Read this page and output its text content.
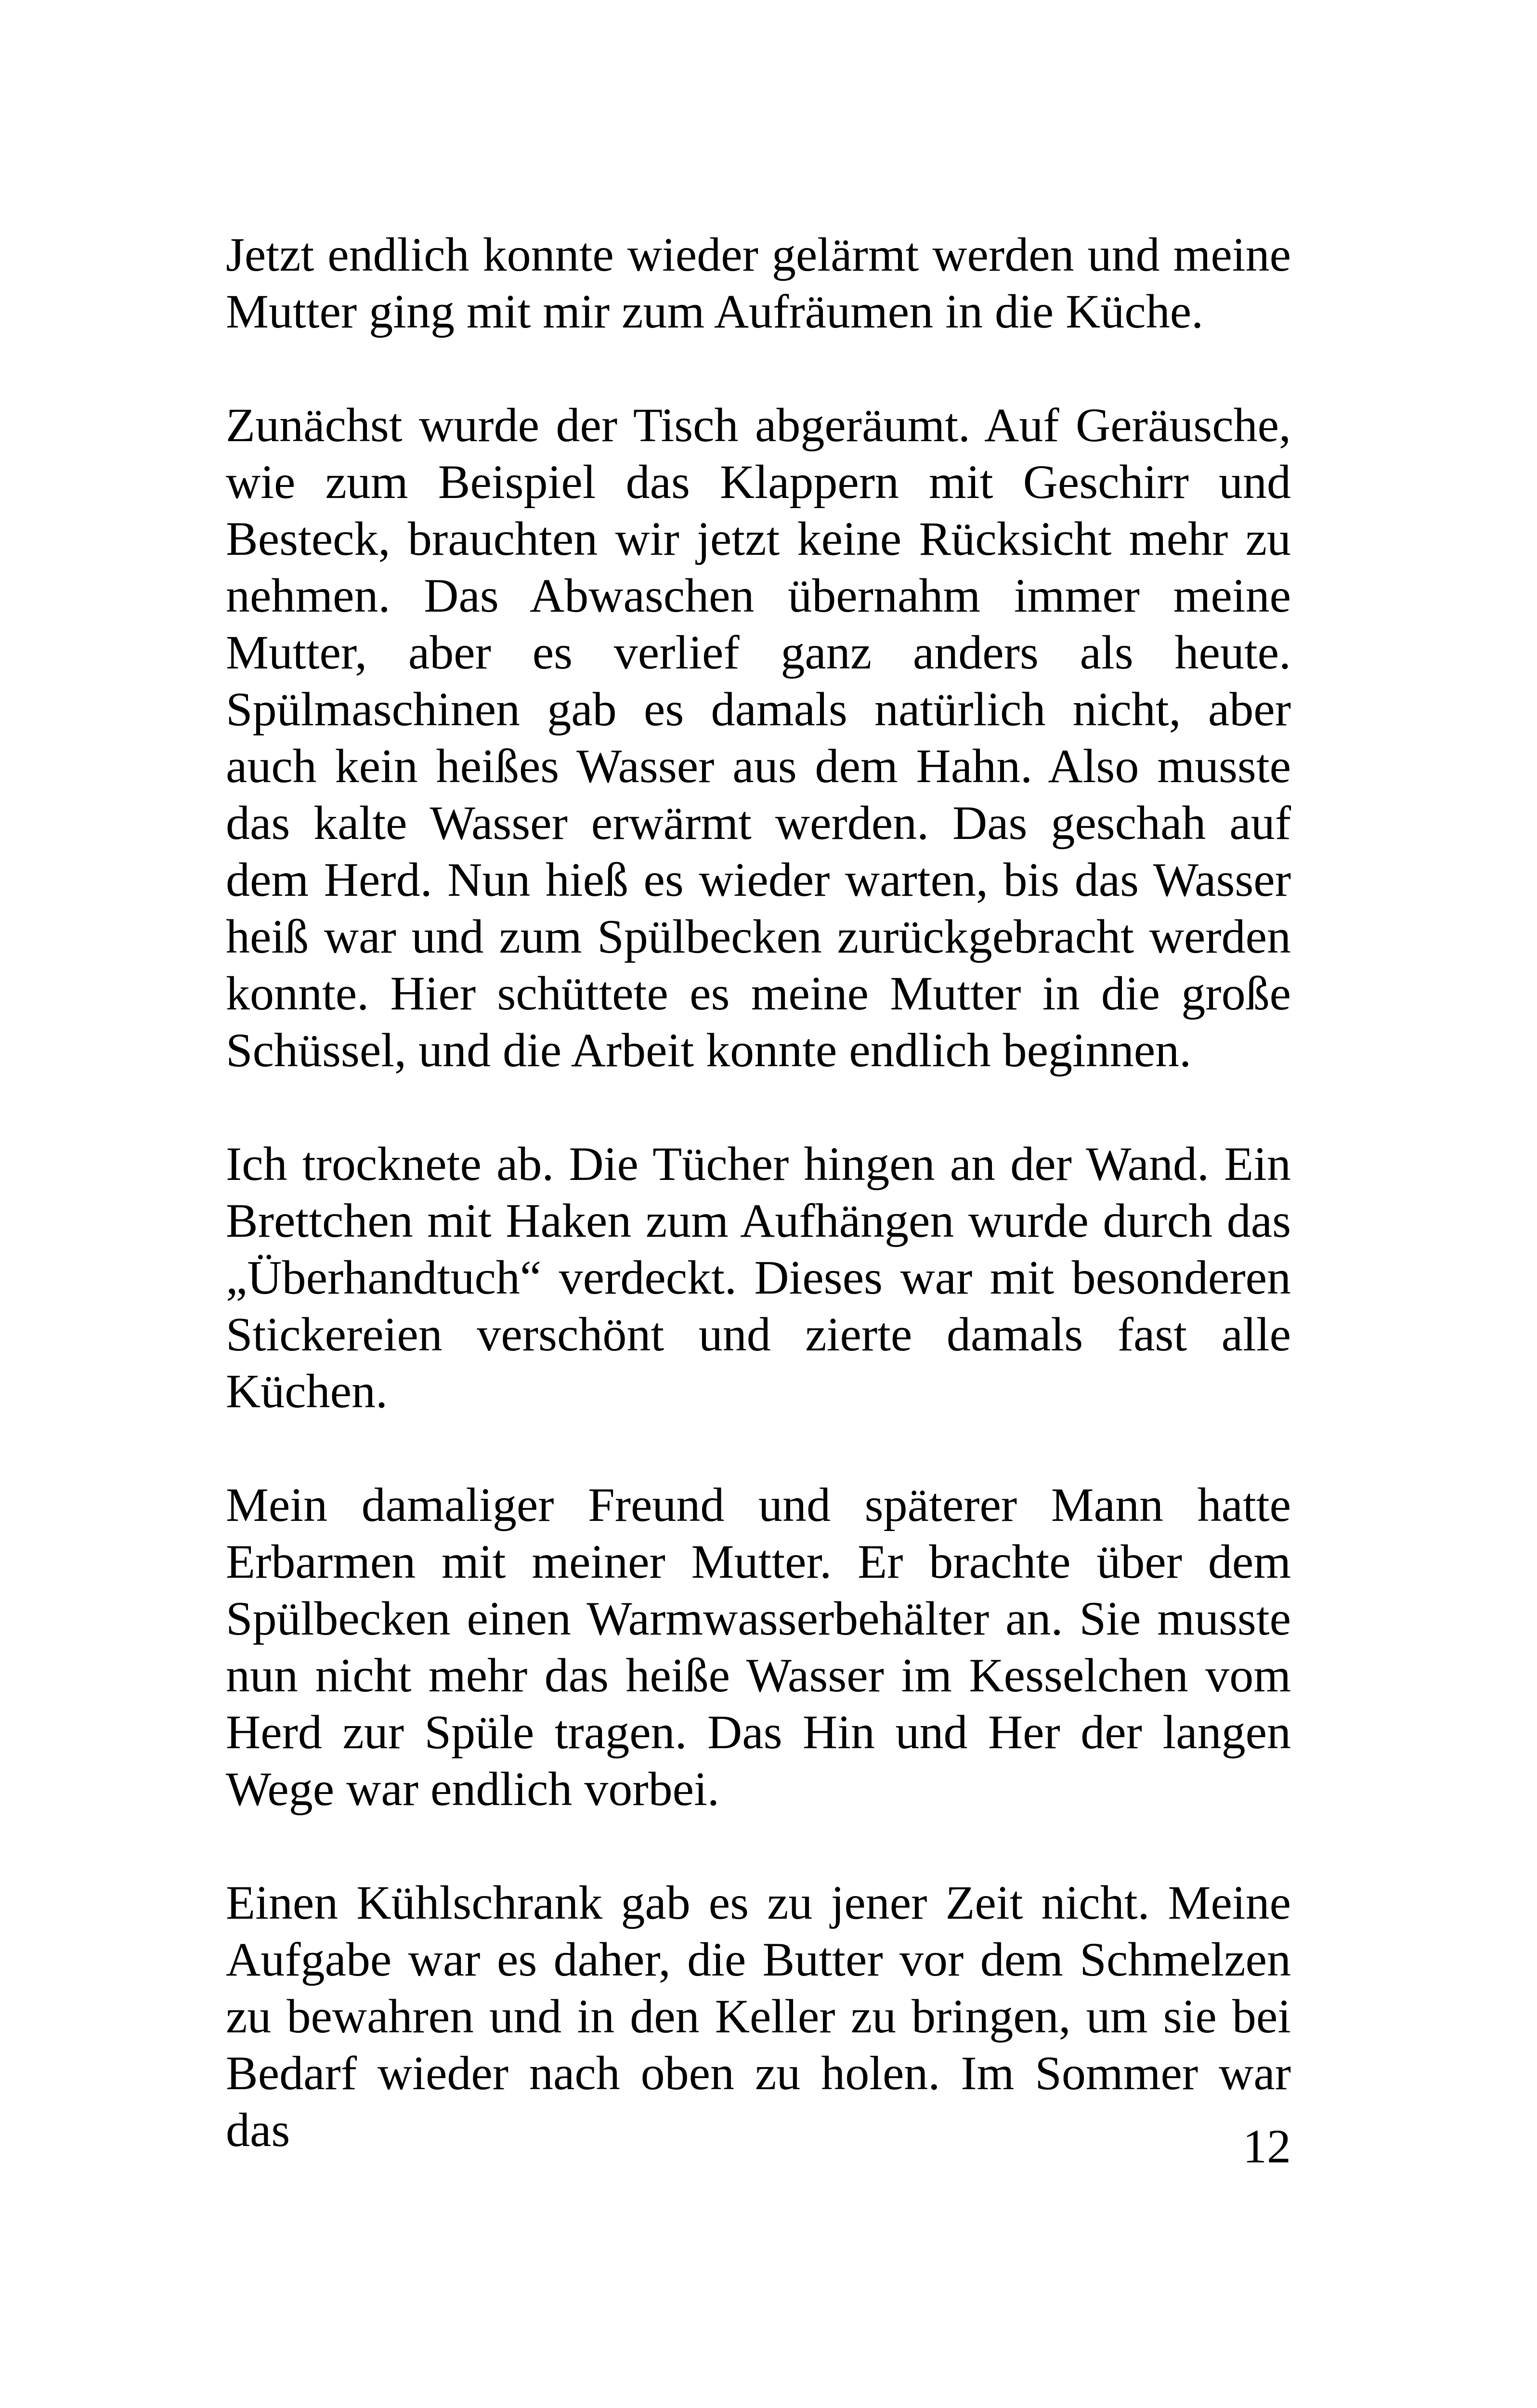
Jetzt endlich konnte wieder gelärmt werden und meine Mutter ging mit mir zum Aufräumen in die Küche.

Zunächst wurde der Tisch abgeräumt. Auf Geräusche, wie zum Beispiel das Klappern mit Geschirr und Besteck, brauchten wir jetzt keine Rücksicht mehr zu nehmen. Das Abwaschen übernahm immer meine Mutter, aber es verlief ganz anders als heute. Spülmaschinen gab es damals natürlich nicht, aber auch kein heißes Wasser aus dem Hahn. Also musste das kalte Wasser erwärmt werden. Das geschah auf dem Herd. Nun hieß es wieder warten, bis das Wasser heiß war und zum Spülbecken zurückgebracht werden konnte. Hier schüttete es meine Mutter in die große Schüssel, und die Arbeit konnte endlich beginnen.

Ich trocknete ab. Die Tücher hingen an der Wand. Ein Brettchen mit Haken zum Aufhängen wurde durch das „Überhandtuch“ verdeckt. Dieses war mit besonderen Stickereien verschönt und zierte damals fast alle Küchen.

Mein damaliger Freund und späterer Mann hatte Erbarmen mit meiner Mutter. Er brachte über dem Spülbecken einen Warmwasserbehälter an. Sie musste nun nicht mehr das heiße Wasser im Kesselchen vom Herd zur Spüle tragen. Das Hin und Her der langen Wege war endlich vorbei.

Einen Kühlschrank gab es zu jener Zeit nicht. Meine Aufgabe war es daher, die Butter vor dem Schmelzen zu bewahren und in den Keller zu bringen, um sie bei Bedarf wieder nach oben zu holen. Im Sommer war das	12
